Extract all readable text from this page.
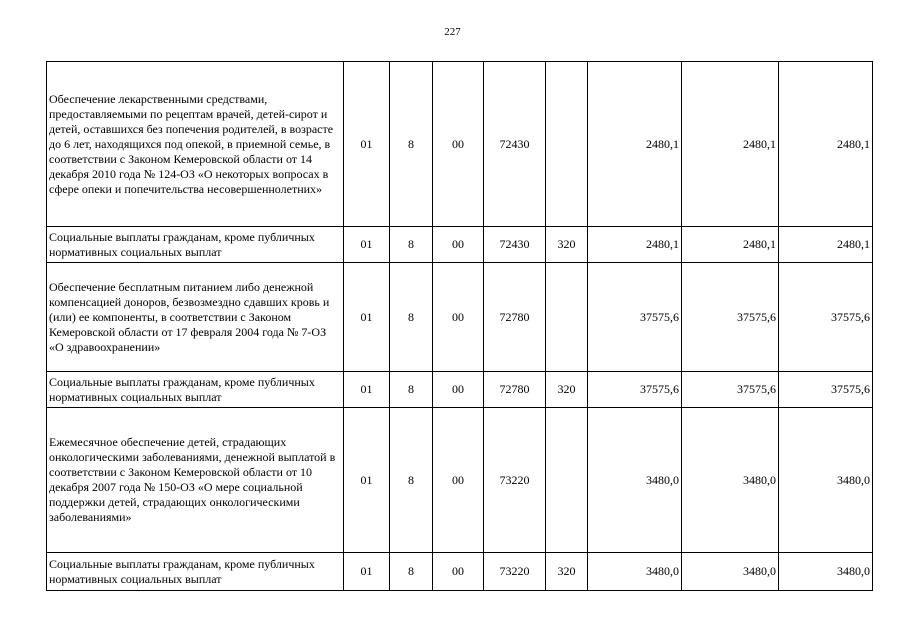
227
Обеспечение лекарственными средствами, предоставляемыми по рецептам врачей, детей-сирот и детей, оставшихся без попечения родителей, в возрасте до 6 лет, находящихся под опекой, в приемной семье, в соответствии с Законом Кемеровской области от 14 декабря 2010 года № 124-ОЗ «О некоторых вопросах в сфере опеки и попечительства несовершеннолетних»	01	8	00	72430		2480,1	2480,1	2480,1
Социальные выплаты гражданам, кроме публичных нормативных социальных выплат	01	8	00	72430	320	2480,1	2480,1	2480,1
Обеспечение бесплатным питанием либо денежной компенсацией доноров, безвозмездно сдавших кровь и (или) ее компоненты, в соответствии с Законом Кемеровской области от 17 февраля 2004 года № 7-ОЗ «О здравоохранении»	01	8	00	72780		37575,6	37575,6	37575,6
Социальные выплаты гражданам, кроме публичных нормативных социальных выплат	01	8	00	72780	320	37575,6	37575,6	37575,6
Ежемесячное обеспечение детей, страдающих онкологическими заболеваниями, денежной выплатой в соответствии с Законом Кемеровской области от 10 декабря 2007 года № 150-ОЗ «О мере социальной поддержки детей, страдающих онкологическими заболеваниями»	01	8	00	73220		3480,0	3480,0	3480,0
Социальные выплаты гражданам, кроме публичных нормативных социальных выплат	01	8	00	73220	320	3480,0	3480,0	3480,0
